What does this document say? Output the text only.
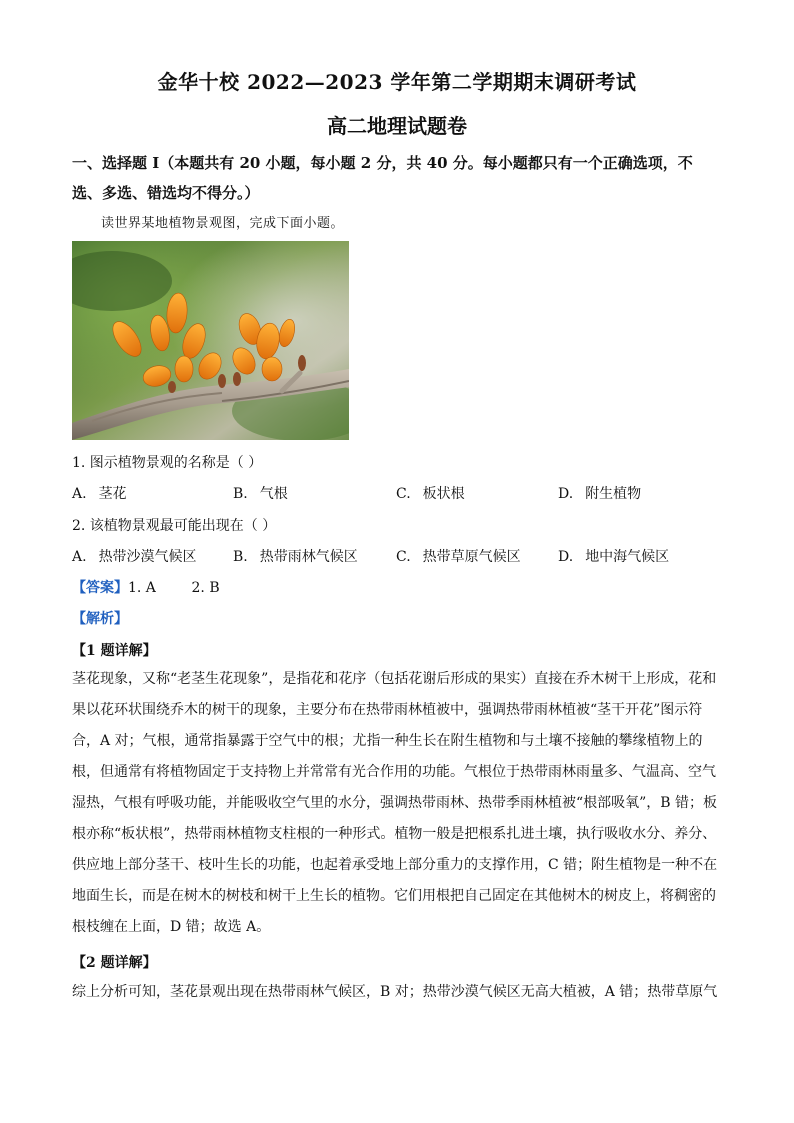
金华十校 2022—2023 学年第二学期期末调研考试
高二地理试题卷
一、选择题 I（本题共有 20 小题，每小题 2 分，共 40 分。每小题都只有一个正确选项，不
选、多选、错选均不得分。）
读世界某地植物景观图，完成下面小题。
1. 图示植物景观的名称是（ ）
A. 茎花	B. 气根	C. 板状根	D. 附生植物
2. 该植物景观最可能出现在（ ）
A. 热带沙漠气候区	B. 热带雨林气候区	C. 热带草原气候区	D. 地中海气候区
【答案】1. A        2. B
【解析】
【1 题详解】
茎花现象，又称“老茎生花现象”，是指花和花序（包括花谢后形成的果实）直接在乔木树干上形成，花和
果以花环状围绕乔木的树干的现象，主要分布在热带雨林植被中，强调热带雨林植被“茎干开花”图示符
合，A 对；气根，通常指暴露于空气中的根；尤指一种生长在附生植物和与土壤不接触的攀缘植物上的
根，但通常有将植物固定于支持物上并常常有光合作用的功能。气根位于热带雨林雨量多、气温高、空气
湿热，气根有呼吸功能，并能吸收空气里的水分，强调热带雨林、热带季雨林植被“根部吸氧”，B 错；板
根亦称“板状根”，热带雨林植物支柱根的一种形式。植物一般是把根系扎进土壤，执行吸收水分、养分、
供应地上部分茎干、枝叶生长的功能，也起着承受地上部分重力的支撑作用，C 错；附生植物是一种不在
地面生长，而是在树木的树枝和树干上生长的植物。它们用根把自己固定在其他树木的树皮上，将稠密的
根枝缠在上面，D 错；故选 A。
【2 题详解】
综上分析可知，茎花景观出现在热带雨林气候区，B 对；热带沙漠气候区无高大植被，A 错；热带草原气
